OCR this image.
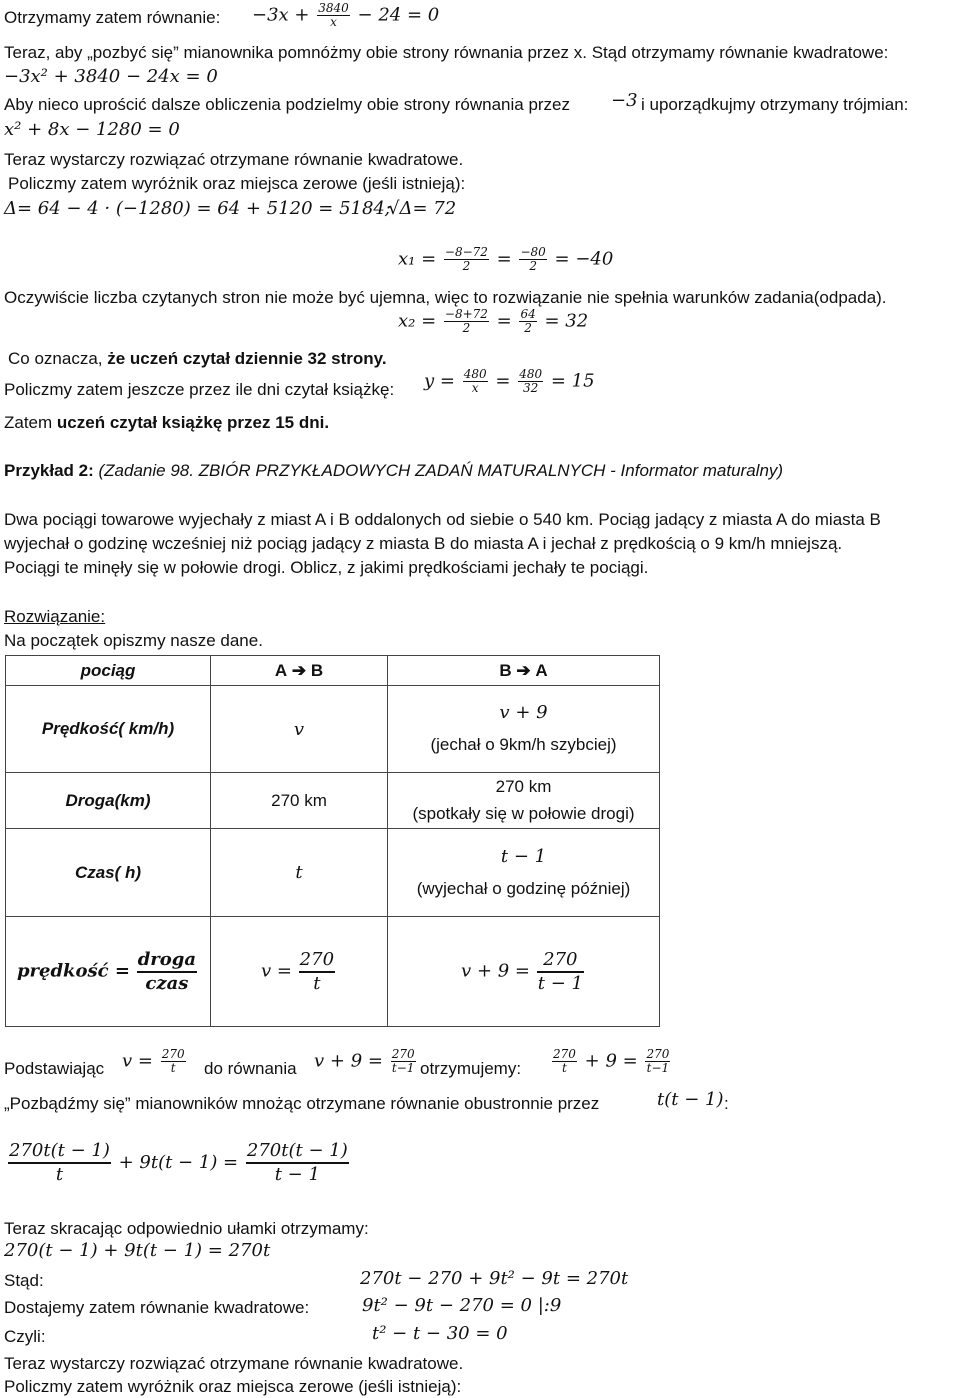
Otrzymamy zatem równanie: $-3x + \frac{3840}{x} - 24 = 0$
Teraz, aby „pozbyć się” mianownika pomnóżmy obie strony równania przez x. Stąd otrzymamy równanie kwadratowe:
−3x² + 3840 − 24x = 0
Aby nieco uprościć dalsze obliczenia podzielmy obie strony równania przez −3 i uporządkujmy otrzymany trójmian:
x² + 8x − 1280 = 0
Teraz wystarczy rozwiązać otrzymane równanie kwadratowe.
Policzmy zatem wyróżnik oraz miejsca zerowe (jeśli istnieją):
Δ= 64 − 4 · (−1280) = 64 + 5120 = 5184;
√Δ= 72
$x_1 = \frac{-8-72}{2} = \frac{-80}{2} = -40$
Oczywiście liczba czytanych stron nie może być ujemna, więc to rozwiązanie nie spełnia warunków zadania(odpada).
$x_2 = \frac{-8+72}{2} = \frac{64}{2} = 32$
Co oznacza, że uczeń czytał dziennie 32 strony.
Policzmy zatem jeszcze przez ile dni czytał książkę: $y = \frac{480}{x} = \frac{480}{32} = 15$
Zatem uczeń czytał książkę przez 15 dni.
Przykład 2: (Zadanie 98. ZBIÓR PRZYKŁADOWYCH ZADAŃ MATURALNYCH - Informator maturalny)
Dwa pociągi towarowe wyjechały z miast A i B oddalonych od siebie o 540 km. Pociąg jadący z miasta A do miasta B
wyjechał o godzinę wcześniej niż pociąg jadący z miasta B do miasta A i jechał z prędkością o 9 km/h mniejszą.
Pociągi te minęły się w połowie drogi. Oblicz, z jakimi prędkościami jechały te pociągi.
Rozwiązanie:
Na początek opiszmy nasze dane.
pociąg	A ➔ B	B ➔ A
Prędkość( km/h)	v	v + 9
(jechał o 9km/h szybciej)

Droga(km)	270 km	270 km
(spotkały się w połowie drogi)

Czas( h)	t	t − 1
(wyjechał o godzinę później)

prędkość = $\frac{\text{droga}}{\text{czas}}$	$v = \frac{270}{t}$	$v + 9 = \frac{270}{t - 1}$
Podstawiając $v = \frac{270}{t}$ do równania $v + 9 = \frac{270}{t-1}$ otrzymujemy:	$\frac{270}{t} + 9 = \frac{270}{t-1}$
„Pozbądźmy się” mianowników mnożąc otrzymane równanie obustronnie przez	t(t − 1) :
$\frac{270t(t - 1)}{t} + 9t(t - 1) = \frac{270t(t - 1)}{t - 1}$
Teraz skracając odpowiednio ułamki otrzymamy:
270(t − 1) + 9t(t − 1) = 270t
Stąd:	270t − 270 + 9t² − 9t = 270t
Dostajemy zatem równanie kwadratowe:	9t² − 9t − 270 = 0 |:9
Czyli:	t² − t − 30 = 0
Teraz wystarczy rozwiązać otrzymane równanie kwadratowe.
Policzmy zatem wyróżnik oraz miejsca zerowe (jeśli istnieją):
